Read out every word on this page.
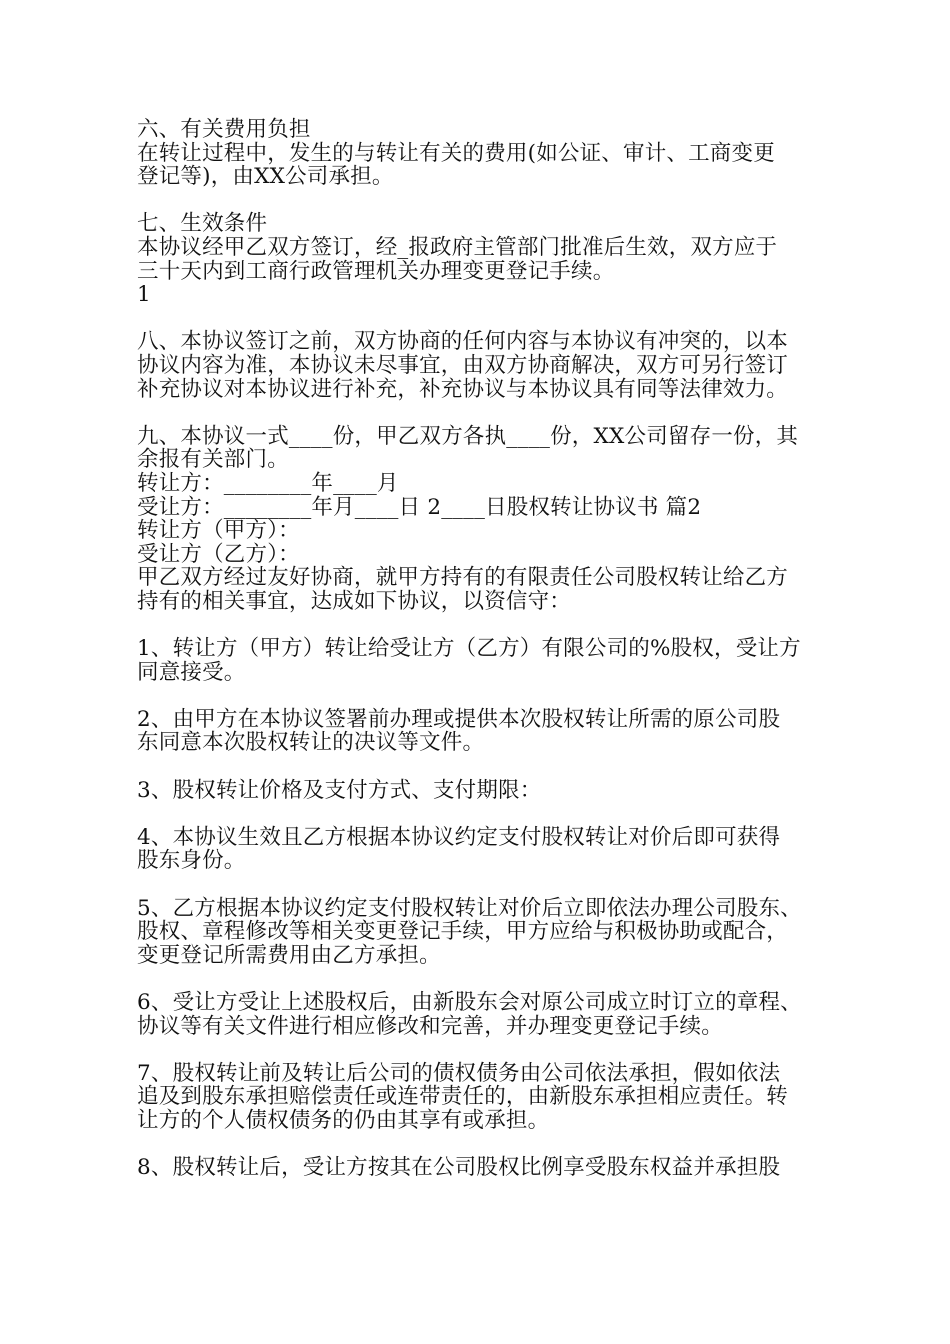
六、有关费用负担
在转让过程中，发生的与转让有关的费用(如公证、审计、工商变更
登记等)，由XX公司承担。
七、生效条件
本协议经甲乙双方签订，经_报政府主管部门批准后生效，双方应于
三十天内到工商行政管理机关办理变更登记手续。
1
八、本协议签订之前，双方协商的任何内容与本协议有冲突的，以本
协议内容为准，本协议未尽事宜，由双方协商解决，双方可另行签订
补充协议对本协议进行补充，补充协议与本协议具有同等法律效力。
九、本协议一式____份，甲乙双方各执____份，XX公司留存一份，其
余报有关部门。
转让方：________年____月
受让方：________年月____日 2____日股权转让协议书 篇2
转让方（甲方）：
受让方（乙方）：
甲乙双方经过友好协商，就甲方持有的有限责任公司股权转让给乙方
持有的相关事宜，达成如下协议，以资信守：
1、转让方（甲方）转让给受让方（乙方）有限公司的%股权，受让方
同意接受。
2、由甲方在本协议签署前办理或提供本次股权转让所需的原公司股
东同意本次股权转让的决议等文件。
3、股权转让价格及支付方式、支付期限：
4、本协议生效且乙方根据本协议约定支付股权转让对价后即可获得
股东身份。
5、乙方根据本协议约定支付股权转让对价后立即依法办理公司股东、
股权、章程修改等相关变更登记手续，甲方应给与积极协助或配合，
变更登记所需费用由乙方承担。
6、受让方受让上述股权后，由新股东会对原公司成立时订立的章程、
协议等有关文件进行相应修改和完善，并办理变更登记手续。
7、股权转让前及转让后公司的债权债务由公司依法承担，假如依法
追及到股东承担赔偿责任或连带责任的，由新股东承担相应责任。转
让方的个人债权债务的仍由其享有或承担。
8、股权转让后，受让方按其在公司股权比例享受股东权益并承担股
